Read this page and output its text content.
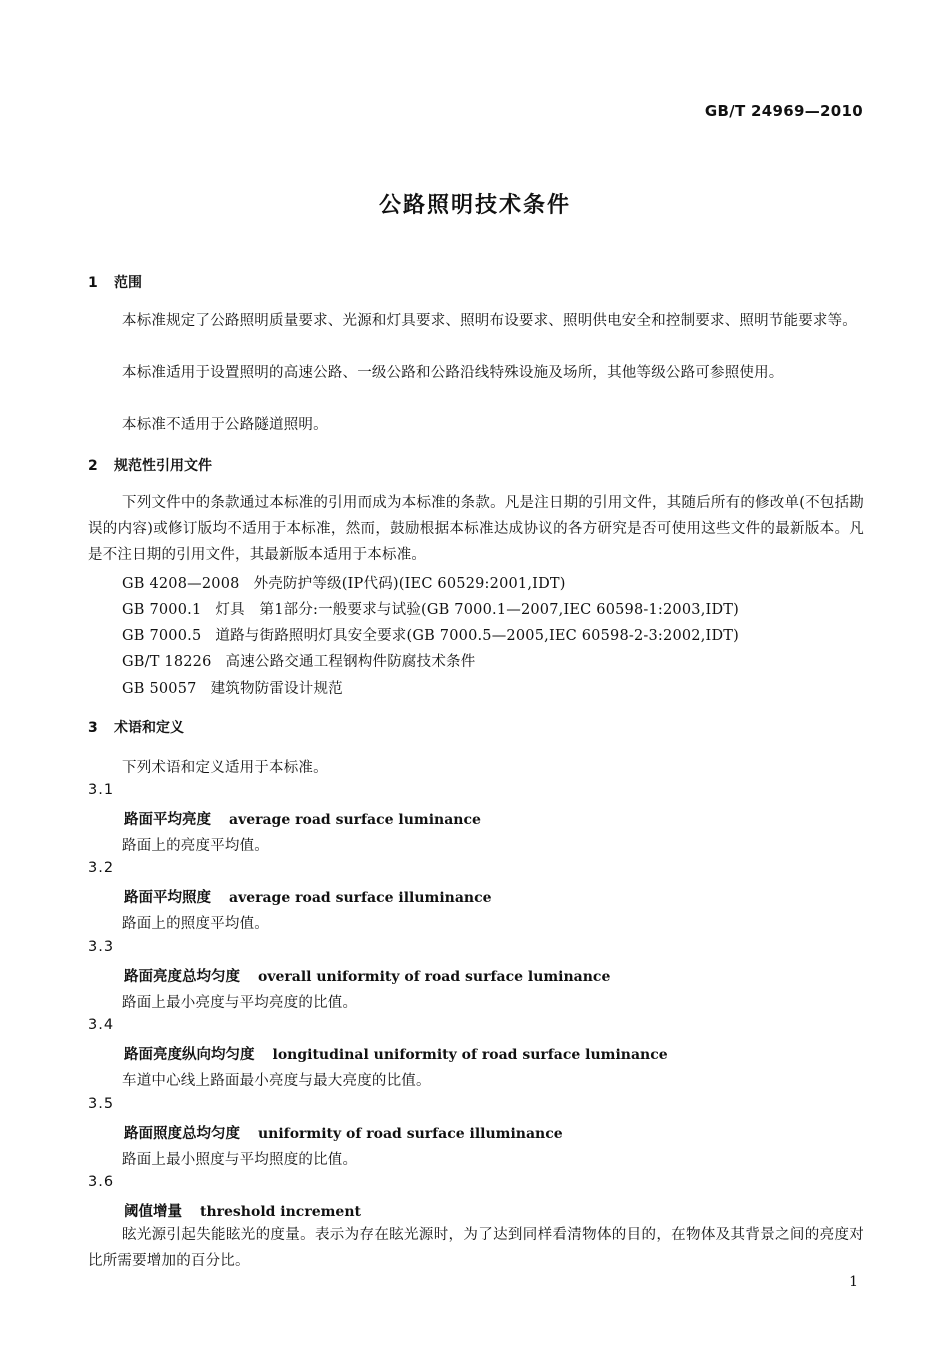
GB/T 24969—2010
公路照明技术条件
1 范围
本标准规定了公路照明质量要求、光源和灯具要求、照明布设要求、照明供电安全和控制要求、照明节能要求等。
本标准适用于设置照明的高速公路、一级公路和公路沿线特殊设施及场所，其他等级公路可参照使用。
本标准不适用于公路隧道照明。
2 规范性引用文件
下列文件中的条款通过本标准的引用而成为本标准的条款。凡是注日期的引用文件，其随后所有的修改单(不包括勘误的内容)或修订版均不适用于本标准，然而，鼓励根据本标准达成协议的各方研究是否可使用这些文件的最新版本。凡是不注日期的引用文件，其最新版本适用于本标准。
GB 4208—2008 外壳防护等级(IP代码)(IEC 60529:2001,IDT)
GB 7000.1 灯具　第1部分:一般要求与试验(GB 7000.1—2007,IEC 60598-1:2003,IDT)
GB 7000.5 道路与街路照明灯具安全要求(GB 7000.5—2005,IEC 60598-2-3:2002,IDT)
GB/T 18226 高速公路交通工程钢构件防腐技术条件
GB 50057 建筑物防雷设计规范
3 术语和定义
下列术语和定义适用于本标准。
3.1
路面平均亮度 average road surface luminance
路面上的亮度平均值。
3.2
路面平均照度 average road surface illuminance
路面上的照度平均值。
3.3
路面亮度总均匀度 overall uniformity of road surface luminance
路面上最小亮度与平均亮度的比值。
3.4
路面亮度纵向均匀度 longitudinal uniformity of road surface luminance
车道中心线上路面最小亮度与最大亮度的比值。
3.5
路面照度总均匀度 uniformity of road surface illuminance
路面上最小照度与平均照度的比值。
3.6
阈值增量 threshold increment
眩光源引起失能眩光的度量。表示为存在眩光源时，为了达到同样看清物体的目的，在物体及其背景之间的亮度对比所需要增加的百分比。
1
